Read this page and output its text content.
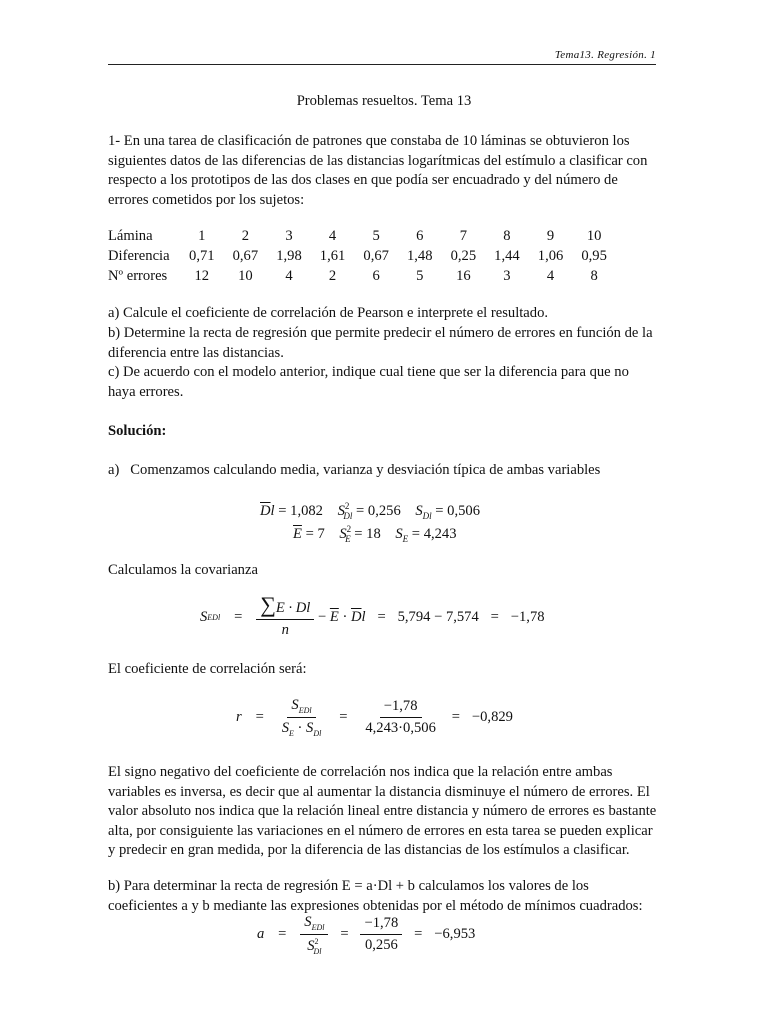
Tema13. Regresión. 1
Problemas resueltos. Tema 13
1- En una tarea de clasificación de patrones que constaba de 10 láminas se obtuvieron los siguientes datos de las diferencias de las distancias logarítmicas del estímulo a clasificar con respecto a los prototipos de las dos clases en que podía ser encuadrado y del número de errores cometidos por los sujetos:
Lámina	1	2	3	4	5	6	7	8	9	10
Diferencia	0,71	0,67	1,98	1,61	0,67	1,48	0,25	1,44	1,06	0,95
Nº errores	12	10	4	2	6	5	16	3	4	8
a) Calcule el coeficiente de correlación de Pearson e interprete el resultado.
b) Determine la recta de regresión que permite predecir el número de errores en función de la diferencia entre las distancias.
c) De acuerdo con el modelo anterior, indique cual tiene que ser la diferencia para que no haya errores.
Solución:
a)   Comenzamos calculando media, varianza y desviación típica de ambas variables
$\overline{D}l = 1,082$ $S^2_{Dl} = 0,256$ $S_{Dl} = 0,506$
$\overline{E} = 7$ $S^2_E = 18$ $S_E = 4,243$
Calculamos la covarianza
S EDl = $\frac{\sum E \cdot Dl}{n} - \overline{E} \cdot \overline{D}l = 5,794 - 7,574 = -1,78$
El coeficiente de correlación será:
$r = \frac{S_{EDl}}{S_E \cdot S_{Dl}} = \frac{-1,78}{4,243\cdot 0,506} = -0,829$
El signo negativo del coeficiente de correlación nos indica que la relación entre ambas variables es inversa, es decir que al aumentar la distancia disminuye el número de errores. El valor absoluto nos indica que la relación lineal entre distancia y número de errores es bastante alta, por consiguiente las variaciones en el número de errores en esta tarea se pueden explicar y predecir en gran medida, por la diferencia de las distancias de los estímulos a clasificar.
b) Para determinar la recta de regresión E = a·Dl + b calculamos los valores de los coeficientes a y b mediante las expresiones obtenidas por el método de mínimos cuadrados:
$a = \frac{S_{EDl}}{S^2_{Dl}} = \frac{-1,78}{0,256} = -6,953$
